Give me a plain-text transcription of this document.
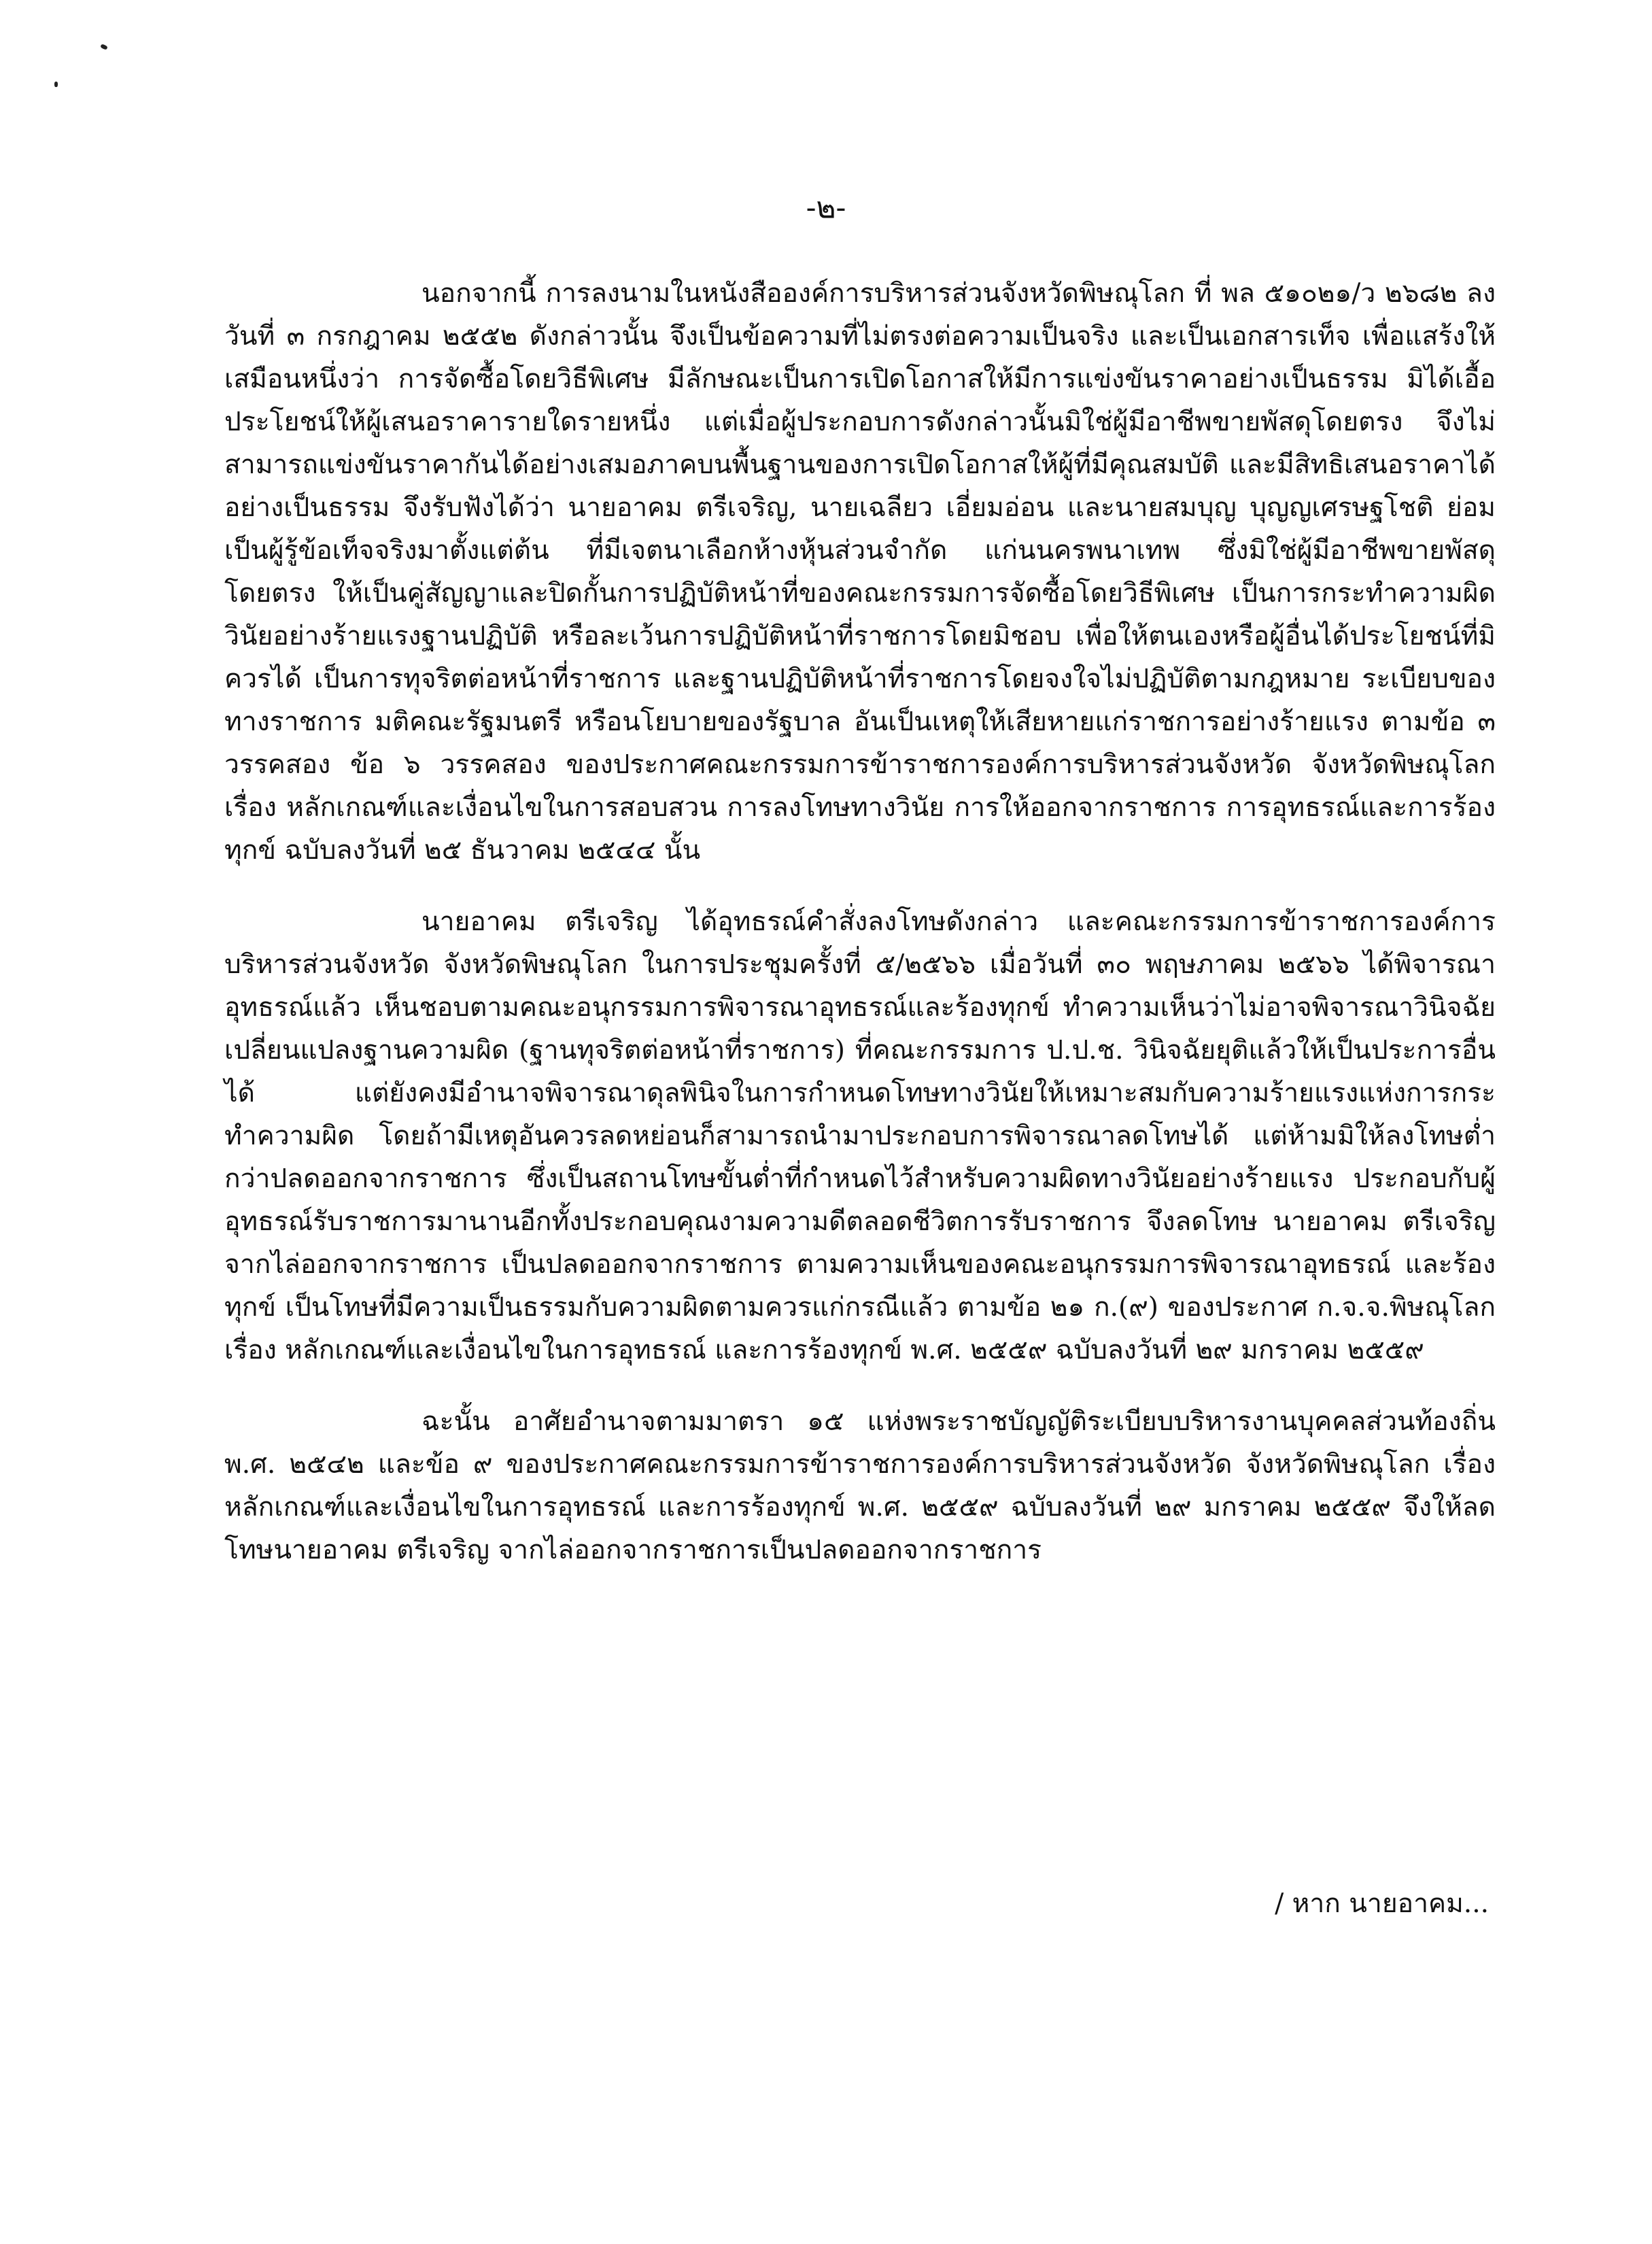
-๒-

นอกจากนี้ การลงนามในหนังสือองค์การบริหารส่วนจังหวัดพิษณุโลก ที่ พล ๕๑๐๒๑/ว ๒๖๘๒ ลงวันที่ ๓ กรกฎาคม ๒๕๕๒ ดังกล่าวนั้น จึงเป็นข้อความที่ไม่ตรงต่อความเป็นจริง และเป็นเอกสารเท็จ เพื่อแสร้งให้เสมือนหนึ่งว่า การจัดซื้อโดยวิธีพิเศษ มีลักษณะเป็นการเปิดโอกาสให้มีการแข่งขันราคาอย่างเป็นธรรม มิได้เอื้อประโยชน์ให้ผู้เสนอราคารายใดรายหนึ่ง แต่เมื่อผู้ประกอบการดังกล่าวนั้นมิใช่ผู้มีอาชีพขายพัสดุโดยตรง จึงไม่สามารถแข่งขันราคากันได้อย่างเสมอภาคบนพื้นฐานของการเปิดโอกาสให้ผู้ที่มีคุณสมบัติ และมีสิทธิเสนอราคาได้อย่างเป็นธรรม จึงรับฟังได้ว่า นายอาคม ตรีเจริญ, นายเฉลียว เอี่ยมอ่อน และนายสมบุญ บุญญเศรษฐโชติ ย่อมเป็นผู้รู้ข้อเท็จจริงมาตั้งแต่ต้น ที่มีเจตนาเลือกห้างหุ้นส่วนจำกัด แก่นนครพนาเทพ ซึ่งมิใช่ผู้มีอาชีพขายพัสดุโดยตรง ให้เป็นคู่สัญญาและปิดกั้นการปฏิบัติหน้าที่ของคณะกรรมการจัดซื้อโดยวิธีพิเศษ เป็นการกระทำความผิดวินัยอย่างร้ายแรงฐานปฏิบัติ หรือละเว้นการปฏิบัติหน้าที่ราชการโดยมิชอบ เพื่อให้ตนเองหรือผู้อื่นได้ประโยชน์ที่มิควรได้ เป็นการทุจริตต่อหน้าที่ราชการ และฐานปฏิบัติหน้าที่ราชการโดยจงใจไม่ปฏิบัติตามกฎหมาย ระเบียบของทางราชการ มติคณะรัฐมนตรี หรือนโยบายของรัฐบาล อันเป็นเหตุให้เสียหายแก่ราชการอย่างร้ายแรง ตามข้อ ๓ วรรคสอง ข้อ ๖ วรรคสอง ของประกาศคณะกรรมการข้าราชการองค์การบริหารส่วนจังหวัด จังหวัดพิษณุโลก เรื่อง หลักเกณฑ์และเงื่อนไขในการสอบสวน การลงโทษทางวินัย การให้ออกจากราชการ การอุทธรณ์และการร้องทุกข์ ฉบับลงวันที่ ๒๕ ธันวาคม ๒๕๔๔ นั้น

นายอาคม ตรีเจริญ ได้อุทธรณ์คำสั่งลงโทษดังกล่าว และคณะกรรมการข้าราชการองค์การบริหารส่วนจังหวัด จังหวัดพิษณุโลก ในการประชุมครั้งที่ ๕/๒๕๖๖ เมื่อวันที่ ๓๐ พฤษภาคม ๒๕๖๖ ได้พิจารณาอุทธรณ์แล้ว เห็นชอบตามคณะอนุกรรมการพิจารณาอุทธรณ์และร้องทุกข์ ทำความเห็นว่าไม่อาจพิจารณาวินิจฉัยเปลี่ยนแปลงฐานความผิด (ฐานทุจริตต่อหน้าที่ราชการ) ที่คณะกรรมการ ป.ป.ช. วินิจฉัยยุติแล้วให้เป็นประการอื่นได้ แต่ยังคงมีอำนาจพิจารณาดุลพินิจในการกำหนดโทษทางวินัยให้เหมาะสมกับความร้ายแรงแห่งการกระทำความผิด โดยถ้ามีเหตุอันควรลดหย่อนก็สามารถนำมาประกอบการพิจารณาลดโทษได้ แต่ห้ามมิให้ลงโทษต่ำกว่าปลดออกจากราชการ ซึ่งเป็นสถานโทษขั้นต่ำที่กำหนดไว้สำหรับความผิดทางวินัยอย่างร้ายแรง ประกอบกับผู้อุทธรณ์รับราชการมานานอีกทั้งประกอบคุณงามความดีตลอดชีวิตการรับราชการ จึงลดโทษ นายอาคม ตรีเจริญ จากไล่ออกจากราชการ เป็นปลดออกจากราชการ ตามความเห็นของคณะอนุกรรมการพิจารณาอุทธรณ์ และร้องทุกข์ เป็นโทษที่มีความเป็นธรรมกับความผิดตามควรแก่กรณีแล้ว ตามข้อ ๒๑ ก.(๙) ของประกาศ ก.จ.จ.พิษณุโลก เรื่อง หลักเกณฑ์และเงื่อนไขในการอุทธรณ์ และการร้องทุกข์ พ.ศ. ๒๕๕๙ ฉบับลงวันที่ ๒๙ มกราคม ๒๕๕๙

ฉะนั้น อาศัยอำนาจตามมาตรา ๑๕ แห่งพระราชบัญญัติระเบียบบริหารงานบุคคลส่วนท้องถิ่น พ.ศ. ๒๕๔๒ และข้อ ๙ ของประกาศคณะกรรมการข้าราชการองค์การบริหารส่วนจังหวัด จังหวัดพิษณุโลก เรื่องหลักเกณฑ์และเงื่อนไขในการอุทธรณ์ และการร้องทุกข์ พ.ศ. ๒๕๕๙ ฉบับลงวันที่ ๒๙ มกราคม ๒๕๕๙ จึงให้ลดโทษนายอาคม ตรีเจริญ จากไล่ออกจากราชการเป็นปลดออกจากราชการ

/ หาก นายอาคม...
